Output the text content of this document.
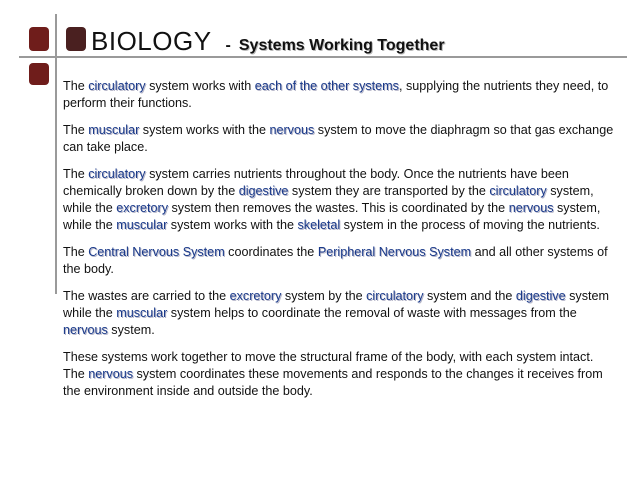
BIOLOGY - Systems Working Together

The circulatory system works with each of the other systems, supplying the nutrients they need, to perform their functions.

The muscular system works with the nervous system to move the diaphragm so that gas exchange can take place.

The circulatory system carries nutrients throughout the body. Once the nutrients have been chemically broken down by the digestive system they are transported by the circulatory system, while the excretory system then removes the wastes. This is coordinated by the nervous system, while the muscular system works with the skeletal system in the process of moving the nutrients.

The Central Nervous System coordinates the Peripheral Nervous System and all other systems of the body.

The wastes are carried to the excretory system by the circulatory system and the digestive system while the muscular system helps to coordinate the removal of waste with messages from the nervous system.

These systems work together to move the structural frame of the body, with each system intact. The nervous system coordinates these movements and responds to the changes it receives from the environment inside and outside the body.
